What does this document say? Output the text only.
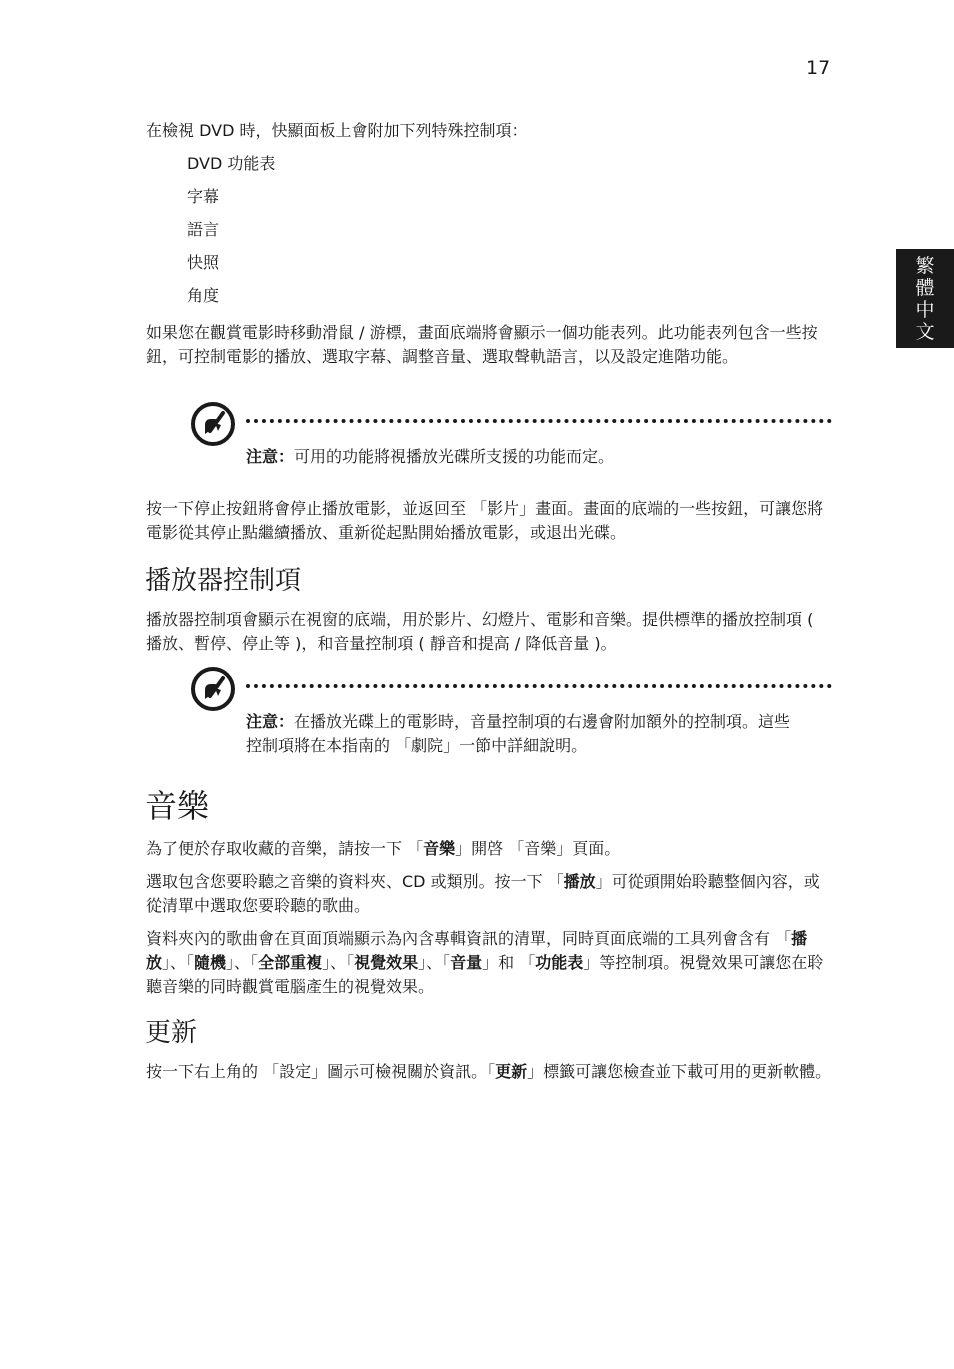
17
繁
體
中
文

在檢視 DVD 時，快顯面板上會附加下列特殊控制項：

DVD 功能表
字幕
語言
快照
角度

如果您在觀賞電影時移動滑鼠 / 游標，畫面底端將會顯示一個功能表列。此功能表列包含一些按鈕，可控制電影的播放、選取字幕、調整音量、選取聲軌語言，以及設定進階功能。

注意：可用的功能將視播放光碟所支援的功能而定。

按一下停止按鈕將會停止播放電影，並返回至 「影片」畫面。畫面的底端的一些按鈕，可讓您將電影從其停止點繼續播放、重新從起點開始播放電影，或退出光碟。

播放器控制項

播放器控制項會顯示在視窗的底端，用於影片、幻燈片、電影和音樂。提供標準的播放控制項 ( 播放、暫停、停止等 )，和音量控制項 ( 靜音和提高 / 降低音量 )。

注意：在播放光碟上的電影時，音量控制項的右邊會附加額外的控制項。這些控制項將在本指南的 「劇院」一節中詳細說明。

音樂

為了便於存取收藏的音樂，請按一下 「音樂」開啓 「音樂」頁面。

選取包含您要聆聽之音樂的資料夾、CD 或類別。按一下 「播放」可從頭開始聆聽整個內容，或從清單中選取您要聆聽的歌曲。

資料夾內的歌曲會在頁面頂端顯示為內含專輯資訊的清單，同時頁面底端的工具列會含有 「播放」、「隨機」、「全部重複」、「視覺效果」、「音量」和 「功能表」等控制項。視覺效果可讓您在聆聽音樂的同時觀賞電腦產生的視覺效果。

更新

按一下右上角的 「設定」圖示可檢視關於資訊。「更新」標籤可讓您檢查並下載可用的更新軟體。
